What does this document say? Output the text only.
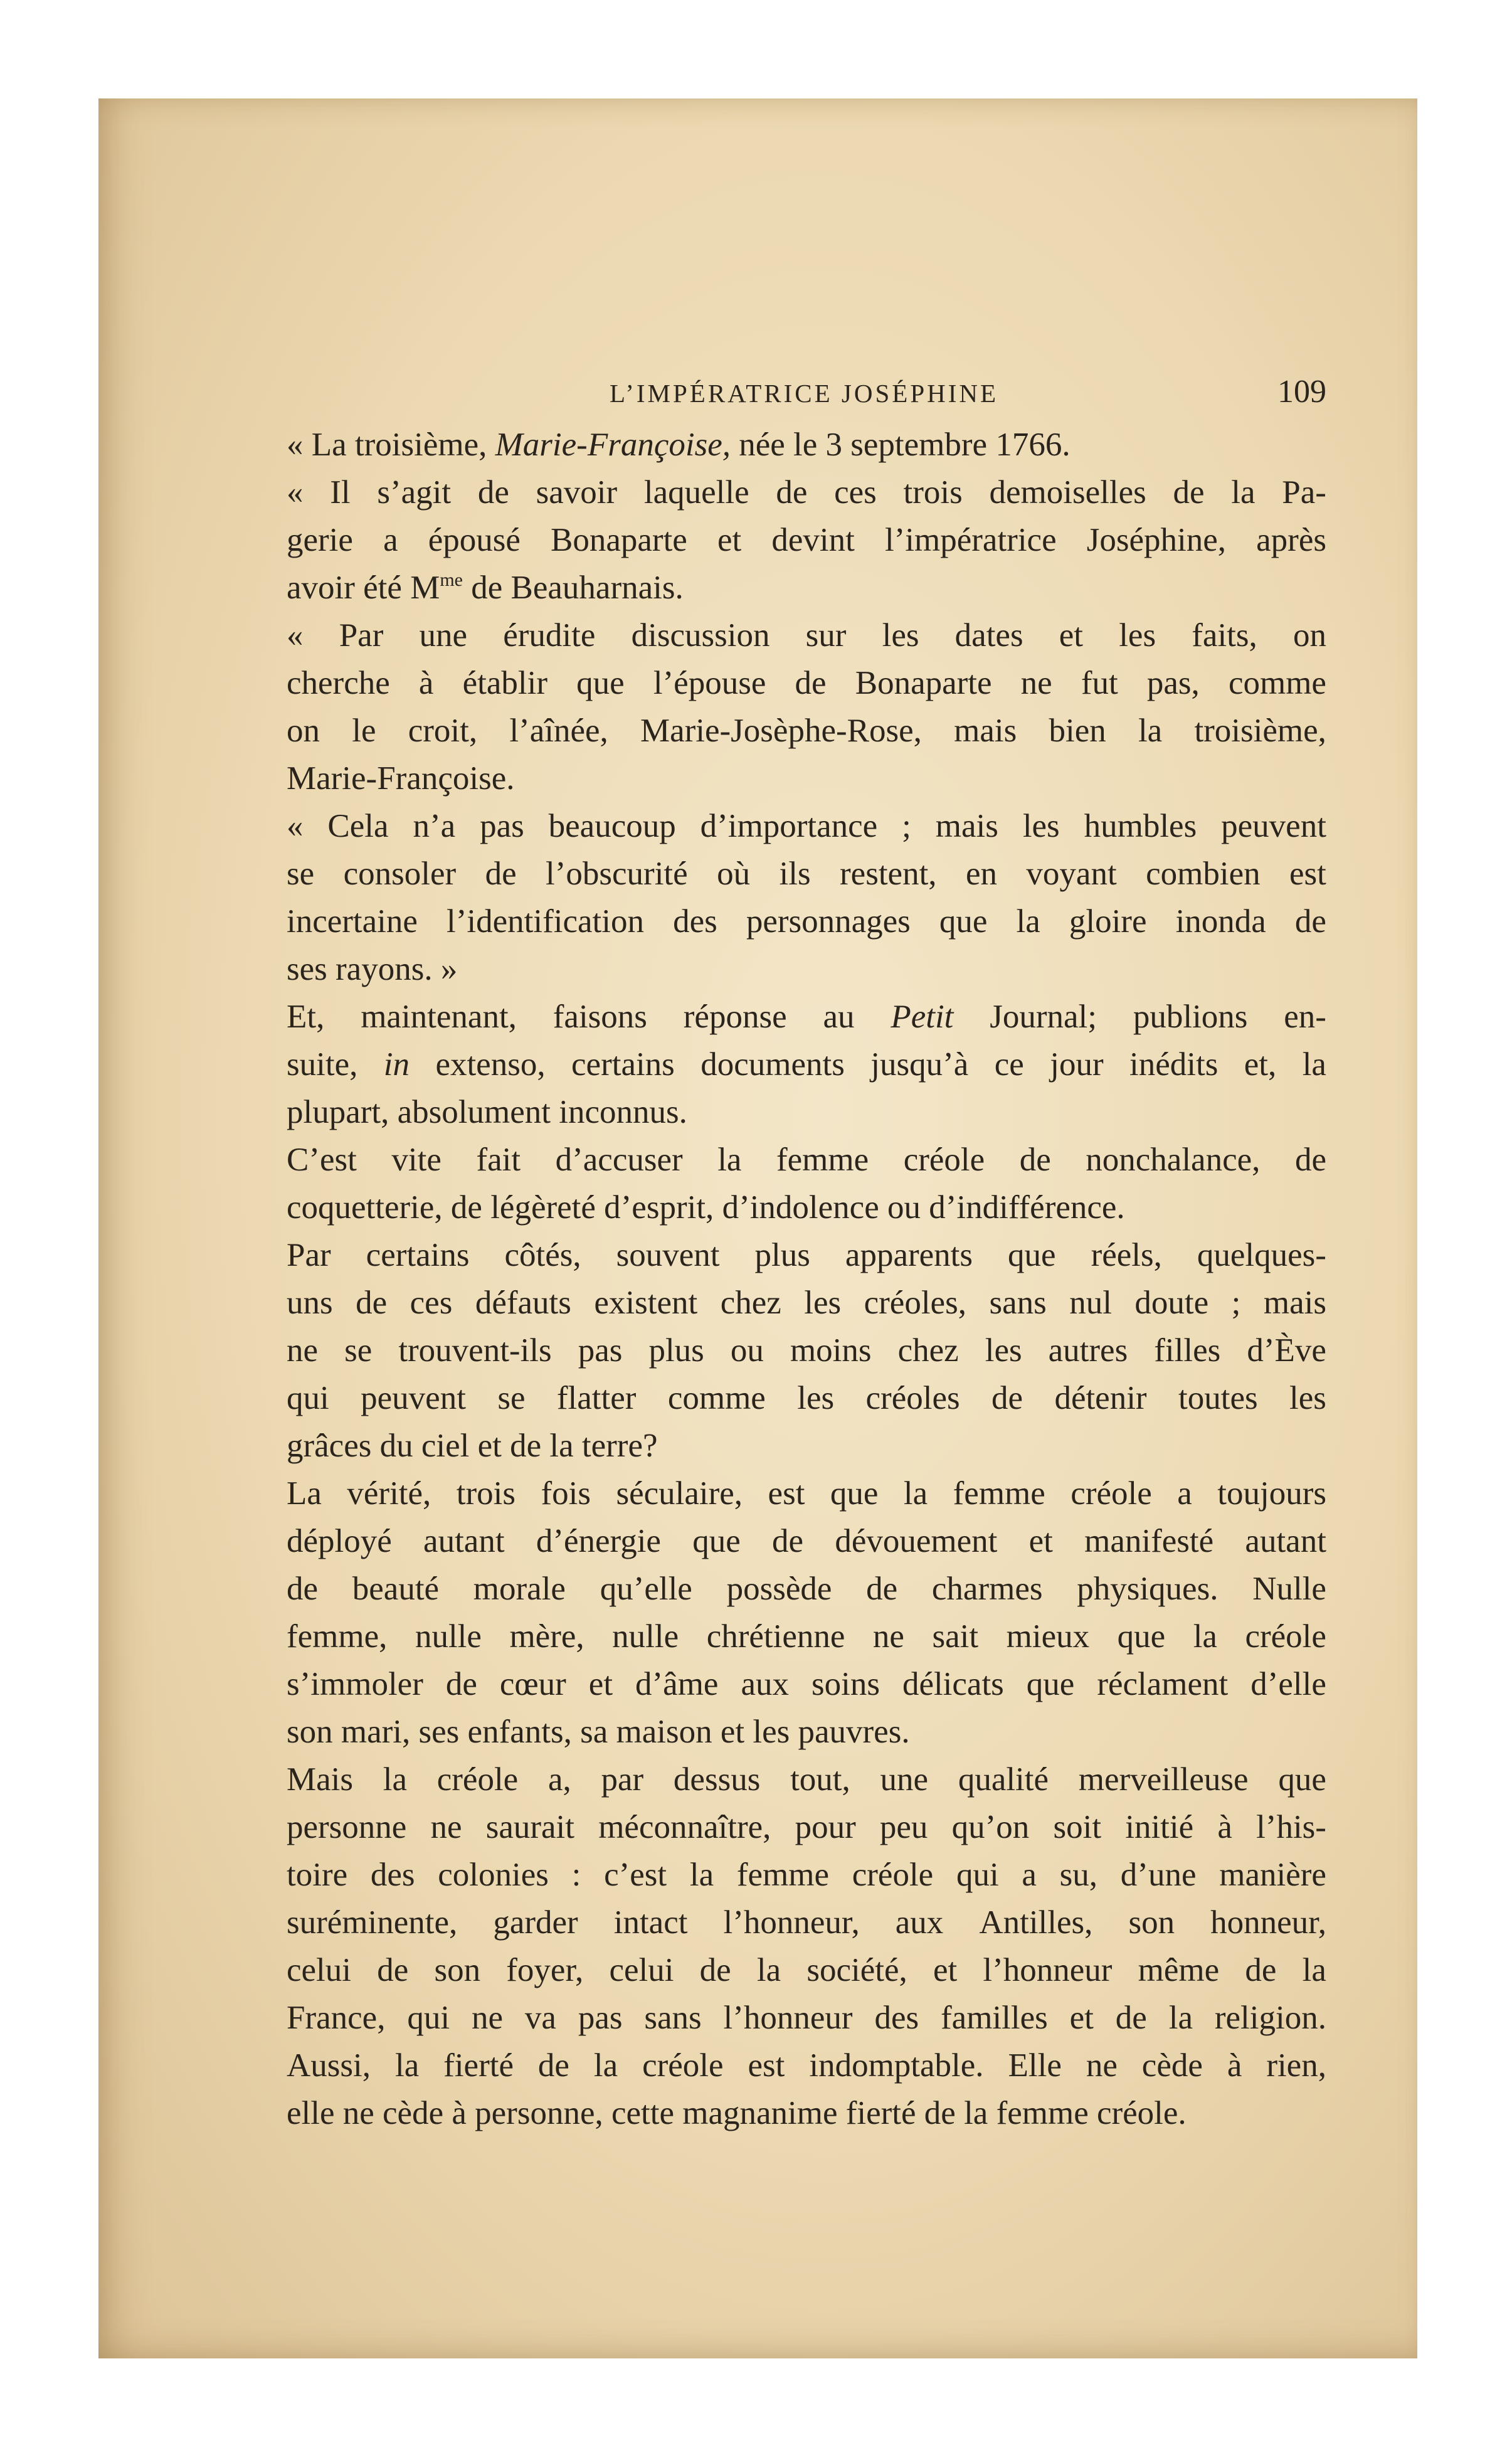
L’IMPÉRATRICE JOSÉPHINE	109
« La troisième, Marie-Françoise, née le 3 septembre 1766.
« Il s’agit de savoir laquelle de ces trois demoiselles de la Pa-
gerie a épousé Bonaparte et devint l’impératrice Joséphine, après
avoir été $M^{me}$ de Beauharnais.
« Par une érudite discussion sur les dates et les faits, on
cherche à établir que l’épouse de Bonaparte ne fut pas, comme
on le croit, l’aînée, Marie-Josèphe-Rose, mais bien la troisième,
Marie-Françoise.
« Cela n’a pas beaucoup d’importance ; mais les humbles peuvent
se consoler de l’obscurité où ils restent, en voyant combien est
incertaine l’identification des personnages que la gloire inonda de
ses rayons. »
Et, maintenant, faisons réponse au Petit Journal; publions en-
suite, in extenso, certains documents jusqu’à ce jour inédits et, la
plupart, absolument inconnus.
C’est vite fait d’accuser la femme créole de nonchalance, de
coquetterie, de légèreté d’esprit, d’indolence ou d’indifférence.
Par certains côtés, souvent plus apparents que réels, quelques-
uns de ces défauts existent chez les créoles, sans nul doute ; mais
ne se trouvent-ils pas plus ou moins chez les autres filles d’Ève
qui peuvent se flatter comme les créoles de détenir toutes les
grâces du ciel et de la terre?
La vérité, trois fois séculaire, est que la femme créole a toujours
déployé autant d’énergie que de dévouement et manifesté autant
de beauté morale qu’elle possède de charmes physiques. Nulle
femme, nulle mère, nulle chrétienne ne sait mieux que la créole
s’immoler de cœur et d’âme aux soins délicats que réclament d’elle
son mari, ses enfants, sa maison et les pauvres.
Mais la créole a, par dessus tout, une qualité merveilleuse que
personne ne saurait méconnaître, pour peu qu’on soit initié à l’his-
toire des colonies : c’est la femme créole qui a su, d’une manière
suréminente, garder intact l’honneur, aux Antilles, son honneur,
celui de son foyer, celui de la société, et l’honneur même de la
France, qui ne va pas sans l’honneur des familles et de la religion.
Aussi, la fierté de la créole est indomptable. Elle ne cède à rien,
elle ne cède à personne, cette magnanime fierté de la femme créole.
